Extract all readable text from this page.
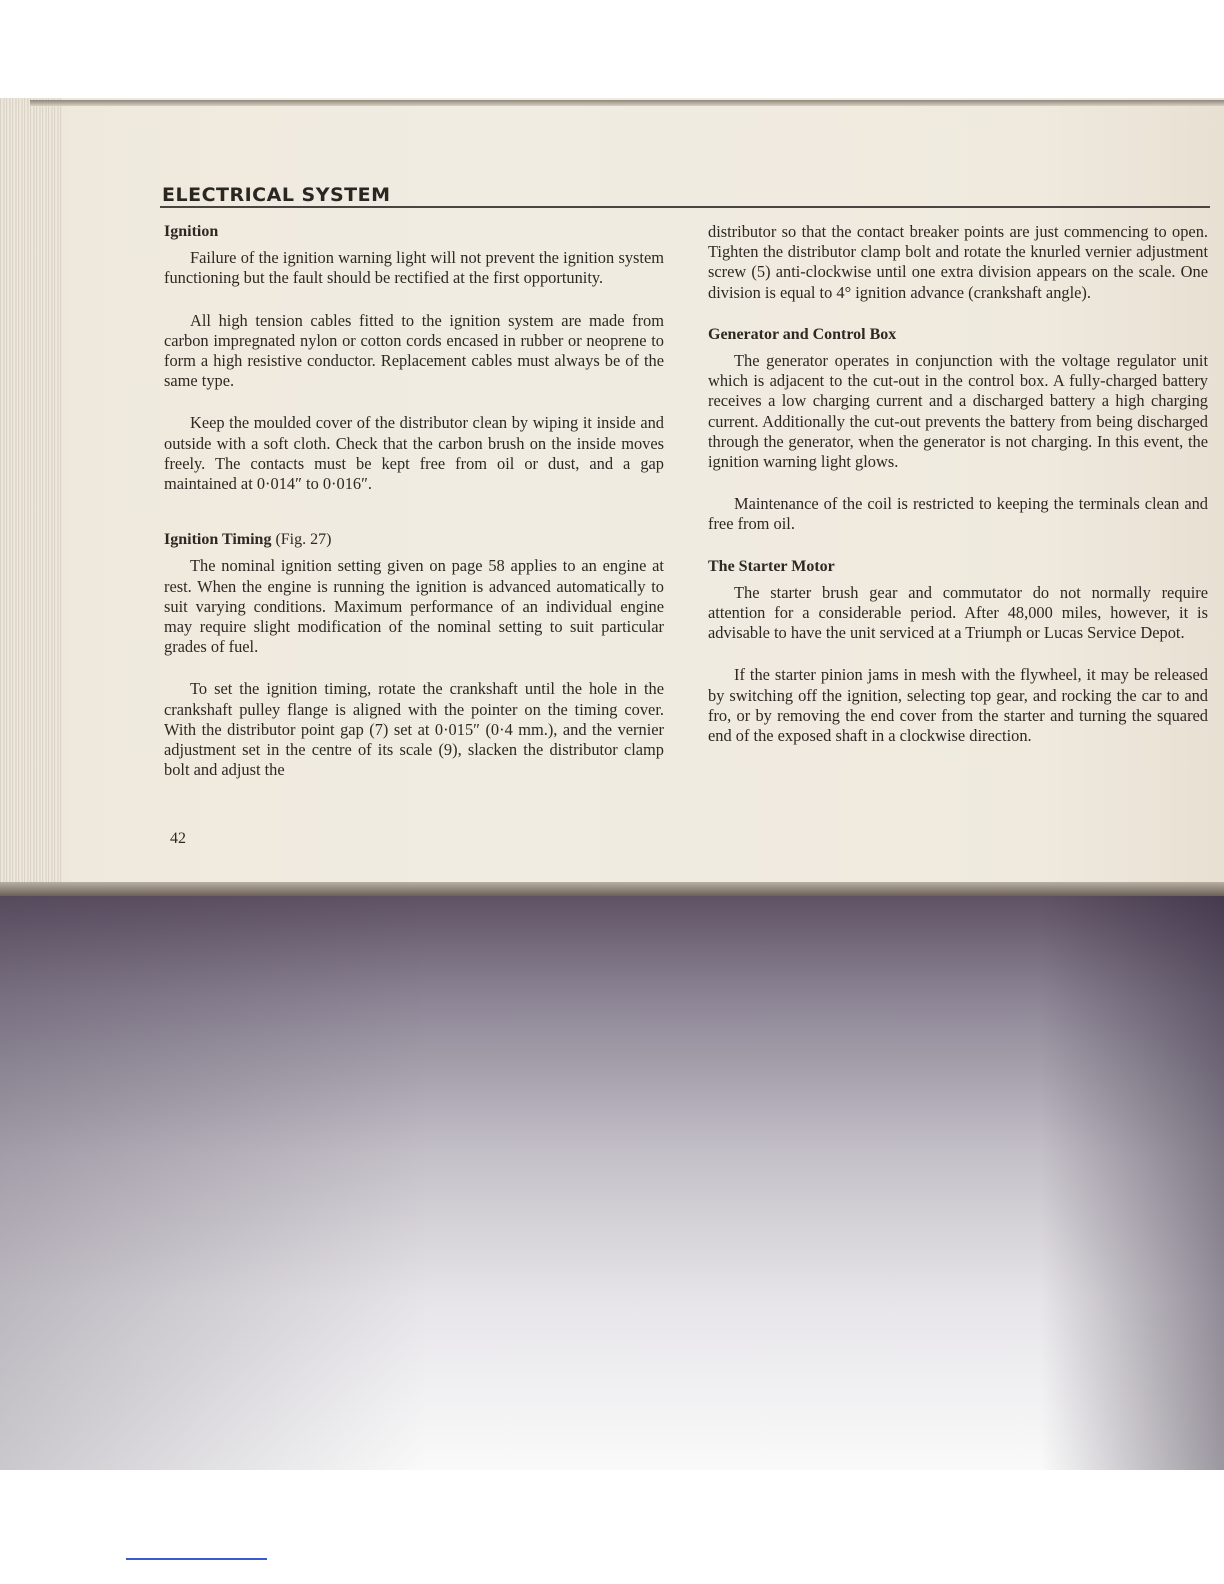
ELECTRICAL SYSTEM
Ignition

Failure of the ignition warning light will not prevent the ignition system functioning but the fault should be rectified at the first opportunity.

All high tension cables fitted to the ignition system are made from carbon impregnated nylon or cotton cords encased in rubber or neoprene to form a high resistive conductor. Replacement cables must always be of the same type.

Keep the moulded cover of the distributor clean by wiping it inside and outside with a soft cloth. Check that the carbon brush on the inside moves freely. The contacts must be kept free from oil or dust, and a gap maintained at 0·014″ to 0·016″.

Ignition Timing (Fig. 27)

The nominal ignition setting given on page 58 applies to an engine at rest. When the engine is running the ignition is advanced automatically to suit varying conditions. Maximum performance of an individual engine may require slight modification of the nominal setting to suit particular grades of fuel.

To set the ignition timing, rotate the crankshaft until the hole in the crankshaft pulley flange is aligned with the pointer on the timing cover. With the distributor point gap (7) set at 0·015″ (0·4 mm.), and the vernier adjustment set in the centre of its scale (9), slacken the distributor clamp bolt and adjust the

distributor so that the contact breaker points are just commencing to open. Tighten the distributor clamp bolt and rotate the knurled vernier adjustment screw (5) anti-clockwise until one extra division appears on the scale. One division is equal to 4° ignition advance (crankshaft angle).

Generator and Control Box

The generator operates in conjunction with the voltage regulator unit which is adjacent to the cut-out in the control box. A fully-charged battery receives a low charging current and a discharged battery a high charging current. Additionally the cut-out prevents the battery from being discharged through the generator, when the generator is not charging. In this event, the ignition warning light glows.

Maintenance of the coil is restricted to keeping the terminals clean and free from oil.

The Starter Motor

The starter brush gear and commutator do not normally require attention for a considerable period. After 48,000 miles, however, it is advisable to have the unit serviced at a Triumph or Lucas Service Depot.

If the starter pinion jams in mesh with the flywheel, it may be released by switching off the ignition, selecting top gear, and rocking the car to and fro, or by removing the end cover from the starter and turning the squared end of the exposed shaft in a clockwise direction.

42
